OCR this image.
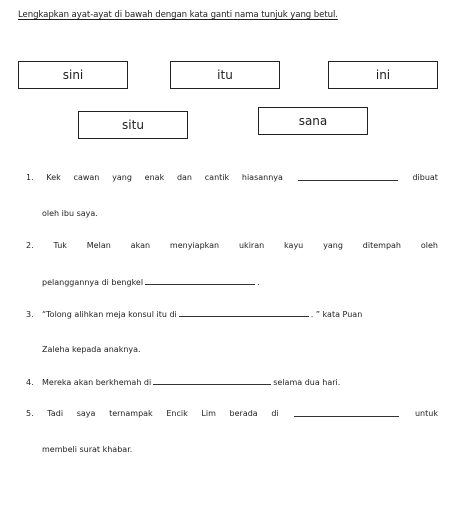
Lengkapkan ayat-ayat di bawah dengan kata ganti nama tunjuk yang betul.
sini	itu	ini
situ	sana
1. Kek cawan yang enak dan cantik hiasannya	dibuat
oleh ibu saya.
2. Tuk Melan akan menyiapkan ukiran kayu yang ditempah oleh
pelanggannya di bengkel	.
3. “Tolong alihkan meja konsul itu di	. ” kata Puan
Zaleha kepada anaknya.
4. Mereka akan berkhemah di	selama dua hari.
5. Tadi saya ternampak Encik Lim berada di	untuk
membeli surat khabar.
